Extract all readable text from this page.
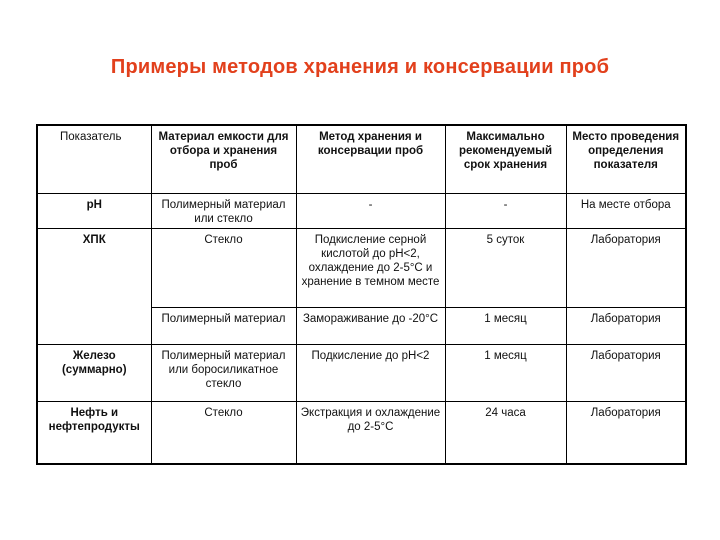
Примеры методов хранения и консервации проб
Показатель	Материал емкости для отбора и хранения проб	Метод хранения и консервации проб	Максимально рекомендуемый срок хранения	Место проведения определения показателя
pH	Полимерный материал или стекло	-	-	На месте отбора
ХПК	Стекло	Подкисление серной кислотой до pH<2, охлаждение до 2-5°C и хранение в темном месте	5 суток	Лаборатория
	Полимерный материал	Замораживание до -20°C	1 месяц	Лаборатория
Железо (суммарно)	Полимерный материал или боросиликатное стекло	Подкисление до pH<2	1 месяц	Лаборатория
Нефть и нефтепродукты	Стекло	Экстракция и охлаждение до 2-5°C	24 часа	Лаборатория
